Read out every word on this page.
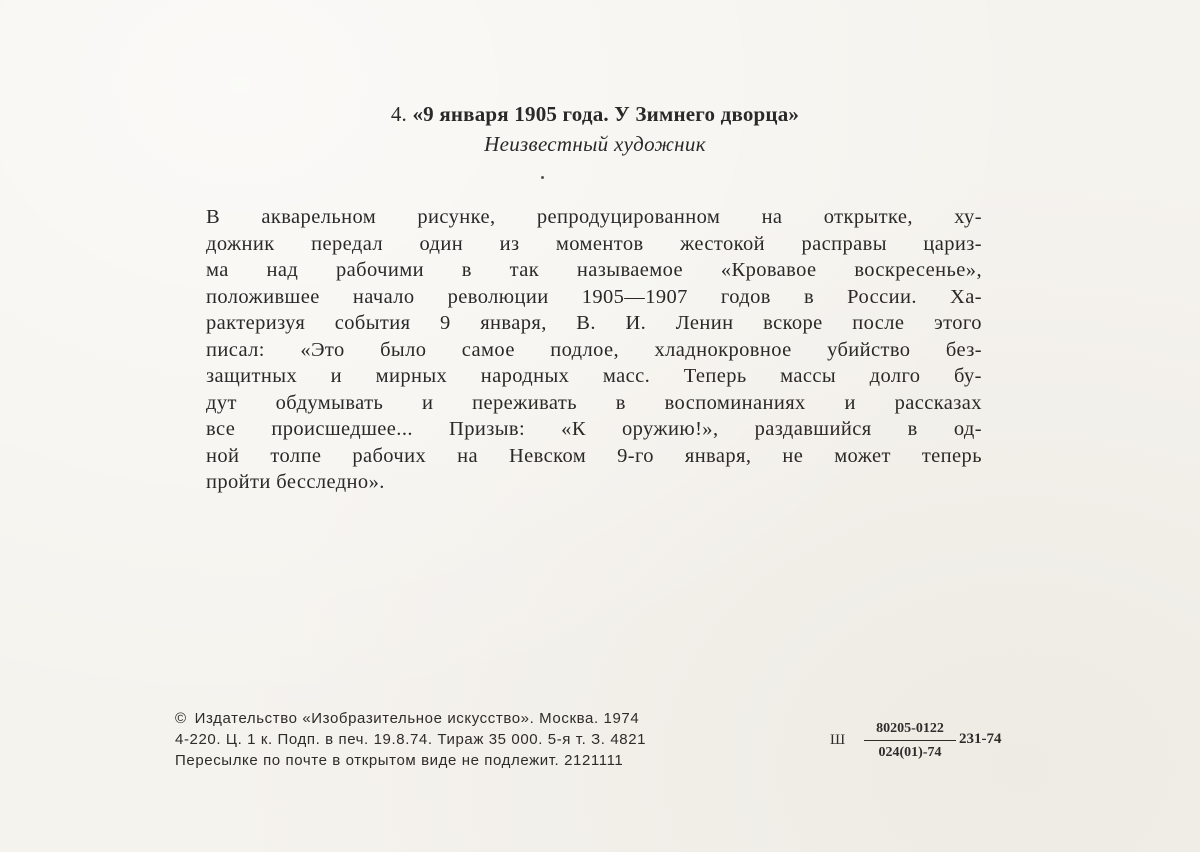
4. «9 января 1905 года. У Зимнего дворца»
Неизвестный художник
В акварельном рисунке, репродуцированном на открытке, ху-
дожник передал один из моментов жестокой расправы цариз-
ма над рабочими в так называемое «Кровавое воскресенье»,
положившее начало революции 1905—1907 годов в России. Ха-
рактеризуя события 9 января, В. И. Ленин вскоре после этого
писал: «Это было самое подлое, хладнокровное убийство без-
защитных и мирных народных масс. Теперь массы долго бу-
дут обдумывать и переживать в воспоминаниях и рассказах
все происшедшее... Призыв: «К оружию!», раздавшийся в од-
ной толпе рабочих на Невском 9-го января, не может теперь
пройти бесследно».
© Издательство «Изобразительное искусство». Москва. 1974
4-220. Ц. 1 к. Подп. в печ. 19.8.74. Тираж 35 000. 5-я т. З. 4821
Пересылке по почте в открытом виде не подлежит. 2121111
Ш
80205-0122
024(01)-74
231-74
